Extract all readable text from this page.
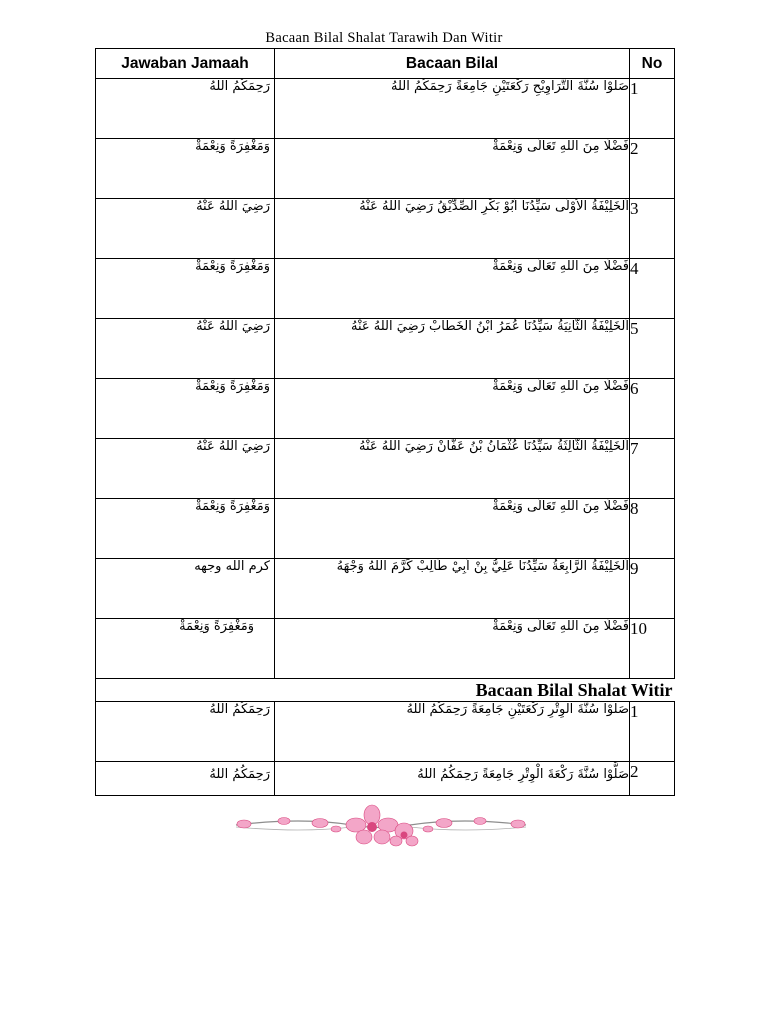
Bacaan Bilal Shalat Tarawih Dan Witir
Jawaban Jamaah	Bacaan Bilal	No
رَحِمَكُمُ اللهُ	صَلُّوْا سُنَّةَ التَّرَاوِيْحِ رَكْعَتَيْنِ جَامِعَةً رَحِمَكُمُ اللهُ	1
وَمَغْفِرَةً وَنِعْمَةْ	فَضْلًا مِنَ اللهِ تَعَالَى وَنِعْمَةْ	2
رَضِيَ اللهُ عَنْهُ	اَلْخَلِيْفَةُ الْاُوْلَى سَيِّدُنَا اَبُوْ بَكْرِ الصِّدِّيْقُ رَضِيَ اللهُ عَنْهُ	3
وَمَغْفِرَةً وَنِعْمَةْ	فَضْلًا مِنَ اللهِ تَعَالَى وَنِعْمَةْ	4
رَضِيَ اللهُ عَنْهُ	اَلْخَلِيْفَةُ الثَّانِيَةُ سَيِّدُنَا عُمَرُ ابْنُ الْخَطَّابْ رَضِيَ اللهُ عَنْهُ	5
وَمَغْفِرَةً وَنِعْمَةْ	فَضْلًا مِنَ اللهِ تَعَالَى وَنِعْمَةْ	6
رَضِيَ اللهُ عَنْهُ	اَلْخَلِيْفَةُ الثَّالِثَةُ سَيِّدُنَا عُثْمَانُ بْنُ عَفَّانْ رَضِيَ اللهُ عَنْهُ	7
وَمَغْفِرَةً وَنِعْمَةْ	فَضْلًا مِنَ اللهِ تَعَالَى وَنِعْمَةْ	8
كرم الله وجهه	اَلْخَلِيْفَةُ الرَّابِعَةُ سَيِّدُنَا عَلِيُّ بِنْ اَبِيْ طَالِبْ كَرَّمَ اللهُ وَجْهَهُ	9
وَمَغْفِرَةً وَنِعْمَةْ	فَضْلًا مِنَ اللهِ تَعَالَى وَنِعْمَةْ	10
Bacaan Bilal Shalat Witir		
رَحِمَكُمُ اللهُ	صَلُّوْا سُنَّةَ الْوِتْرِ رَكْعَتَيْنِ جَامِعَةً رَحِمَكُمُ اللهُ	1
رَحِمَكُمُ اللهُ	صَلُّوْا سُنَّةَ رَكْعَةَ الْوِتْرِ جَامِعَةً رَحِمَكُمُ اللهُ	2
